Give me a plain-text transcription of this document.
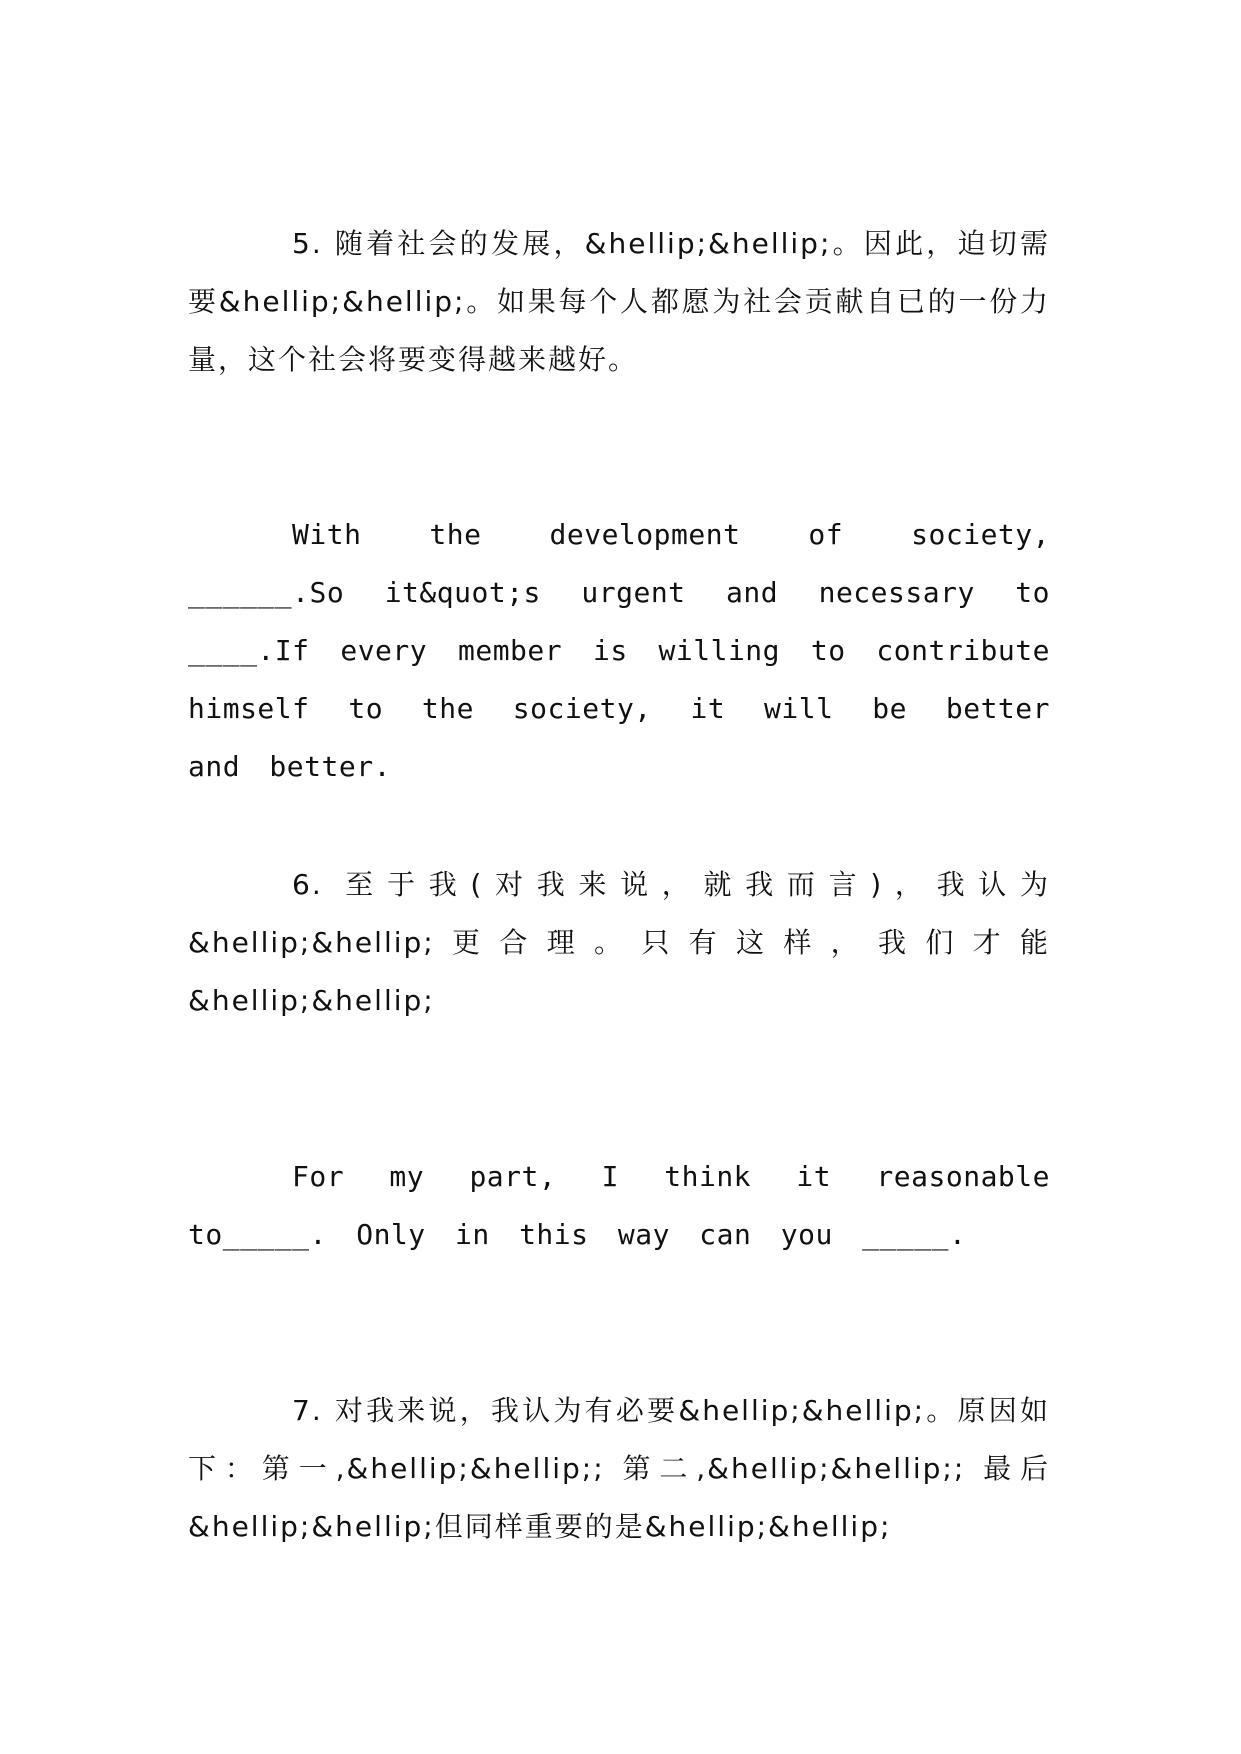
5. 随着社会的发展，&hellip;&hellip;。因此，迫切需要&hellip;&hellip;。如果每个人都愿为社会贡献自已的一份力量，这个社会将要变得越来越好。

With the development of society, ______.So it&quot;s urgent and necessary to ____.If every member is willing to contribute himself to the society, it will be better and better.

6. 至于我(对我来说，就我而言)，我认为&hellip;&hellip;更合理。只有这样，我们才能&hellip;&hellip;

For my part, I think it reasonable to_____. Only in this way can you _____.

7. 对我来说，我认为有必要&hellip;&hellip;。原因如下：第一,&hellip;&hellip;; 第二,&hellip;&hellip;; 最后&hellip;&hellip;但同样重要的是&hellip;&hellip;
